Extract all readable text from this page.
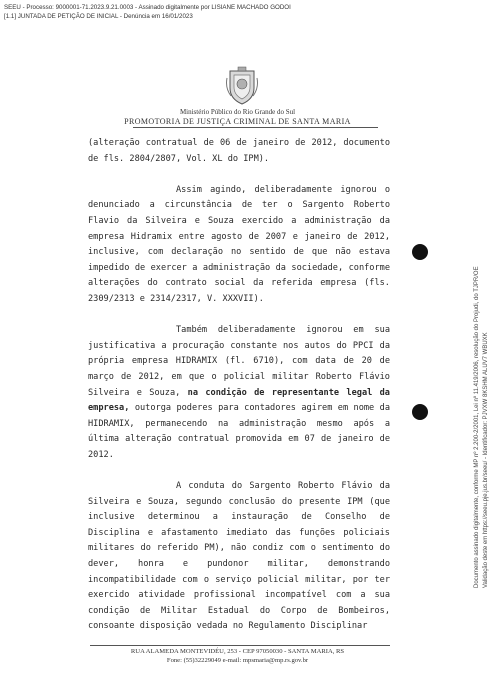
SEEU - Processo: 9000001-71.2023.9.21.0003 - Assinado digitalmente por LISIANE MACHADO GODOI
[1.1] JUNTADA DE PETIÇÃO DE INICIAL - Denúncia em 16/01/2023
Ministério Público do Rio Grande do Sul
PROMOTORIA DE JUSTIÇA CRIMINAL DE SANTA MARIA

(alteração contratual de 06 de janeiro de 2012, documento de fls. 2804/2807, Vol. XL do IPM).

Assim agindo, deliberadamente ignorou o denunciado a circunstância de ter o Sargento Roberto Flavio da Silveira e Souza exercido a administração da empresa Hidramix entre agosto de 2007 e janeiro de 2012, inclusive, com declaração no sentido de que não estava impedido de exercer a administração da sociedade, conforme alterações do contrato social da referida empresa (fls. 2309/2313 e 2314/2317, V. XXXVII).

Também deliberadamente ignorou em sua justificativa a procuração constante nos autos do PPCI da própria empresa HIDRAMIX (fl. 6710), com data de 20 de março de 2012, em que o policial militar Roberto Flávio Silveira e Souza, na condição de representante legal da empresa, outorga poderes para contadores agirem em nome da HIDRAMIX, permanecendo na administração mesmo após a última alteração contratual promovida em 07 de janeiro de 2012.

A conduta do Sargento Roberto Flávio da Silveira e Souza, segundo conclusão do presente IPM (que inclusive determinou a instauração de Conselho de Disciplina e afastamento imediato das funções policiais militares do referido PM), não condiz com o sentimento do dever, honra e pundonor militar, demonstrando incompatibilidade com o serviço policial militar, por ter exercido atividade profissional incompatível com a sua condição de Militar Estadual do Corpo de Bombeiros, consoante disposição vedada no Regulamento Disciplinar

RUA ALAMEDA MONTEVIDÉU, 253 - CEP 97050030 - SANTA MARIA, RS
Fone: (55)32229049 e-mail: mpsmaria@mp.rs.gov.br
Documento assinado digitalmente, conforme MP nº 2.200-2/2001, Lei nº 11.419/2006, resolução do Projudi, do TJPR/OE Validação deste em https://seeu.pje.jus.br/seeu/ - Identificador: PJVXW 8KSHM ALUV7 WBUXK
